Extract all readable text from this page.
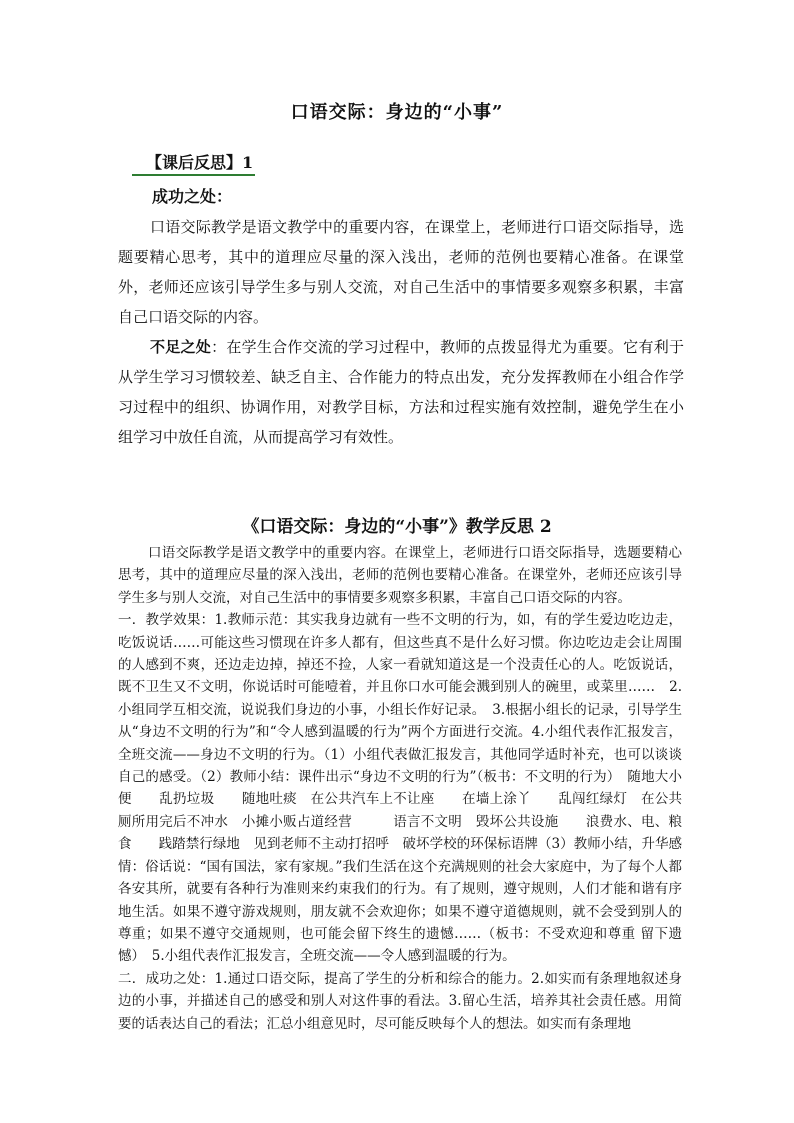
口语交际：身边的“小事”
【课后反思】1
成功之处：

口语交际教学是语文教学中的重要内容，在课堂上，老师进行口语交际指导，选题要精心思考，其中的道理应尽量的深入浅出，老师的范例也要精心准备。在课堂外，老师还应该引导学生多与别人交流，对自己生活中的事情要多观察多积累，丰富自己口语交际的内容。

不足之处：在学生合作交流的学习过程中，教师的点拨显得尤为重要。它有利于从学生学习习惯较差、缺乏自主、合作能力的特点出发，充分发挥教师在小组合作学习过程中的组织、协调作用，对教学目标，方法和过程实施有效控制，避免学生在小组学习中放任自流，从而提高学习有效性。

《口语交际：身边的“小事”》教学反思 2

口语交际教学是语文教学中的重要内容。在课堂上，老师进行口语交际指导，选题要精心思考，其中的道理应尽量的深入浅出，老师的范例也要精心准备。在课堂外，老师还应该引导学生多与别人交流，对自己生活中的事情要多观察多积累，丰富自己口语交际的内容。

一．教学效果：1.教师示范：其实我身边就有一些不文明的行为，如，有的学生爱边吃边走，吃饭说话……可能这些习惯现在许多人都有，但这些真不是什么好习惯。你边吃边走会让周围的人感到不爽，还边走边掉，掉还不捡，人家一看就知道这是一个没责任心的人。吃饭说话，既不卫生又不文明，你说话时可能噎着，并且你口水可能会溅到别人的碗里，或菜里……　2.小组同学互相交流，说说我们身边的小事，小组长作好记录。　3.根据小组长的记录，引导学生从“身边不文明的行为”和“令人感到温暖的行为”两个方面进行交流。4.小组代表作汇报发言，全班交流——身边不文明的行为。（1）小组代表做汇报发言，其他同学适时补充，也可以谈谈自己的感受。（2）教师小结：课件出示“身边不文明的行为”（板书：不文明的行为）　随地大小便　　乱扔垃圾　　随地吐痰　在公共汽车上不让座　　在墙上涂丫　　乱闯红绿灯　在公共厕所用完后不冲水　小摊小贩占道经营　　　语言不文明　毁坏公共设施　　浪费水、电、粮食　　践踏禁行绿地　见到老师不主动打招呼　破坏学校的环保标语牌（3）教师小结，升华感情：俗话说：“国有国法，家有家规。”我们生活在这个充满规则的社会大家庭中，为了每个人都各安其所，就要有各种行为准则来约束我们的行为。有了规则，遵守规则，人们才能和谐有序地生活。如果不遵守游戏规则，朋友就不会欢迎你；如果不遵守道德规则，就不会受到别人的尊重；如果不遵守交通规则，也可能会留下终生的遗憾……（板书：不受欢迎和尊重 留下遗憾）　5.小组代表作汇报发言，全班交流——令人感到温暖的行为。

二．成功之处：1.通过口语交际，提高了学生的分析和综合的能力。2.如实而有条理地叙述身边的小事，并描述自己的感受和别人对这件事的看法。3.留心生活，培养其社会责任感。用简要的话表达自己的看法；汇总小组意见时，尽可能反映每个人的想法。如实而有条理地
